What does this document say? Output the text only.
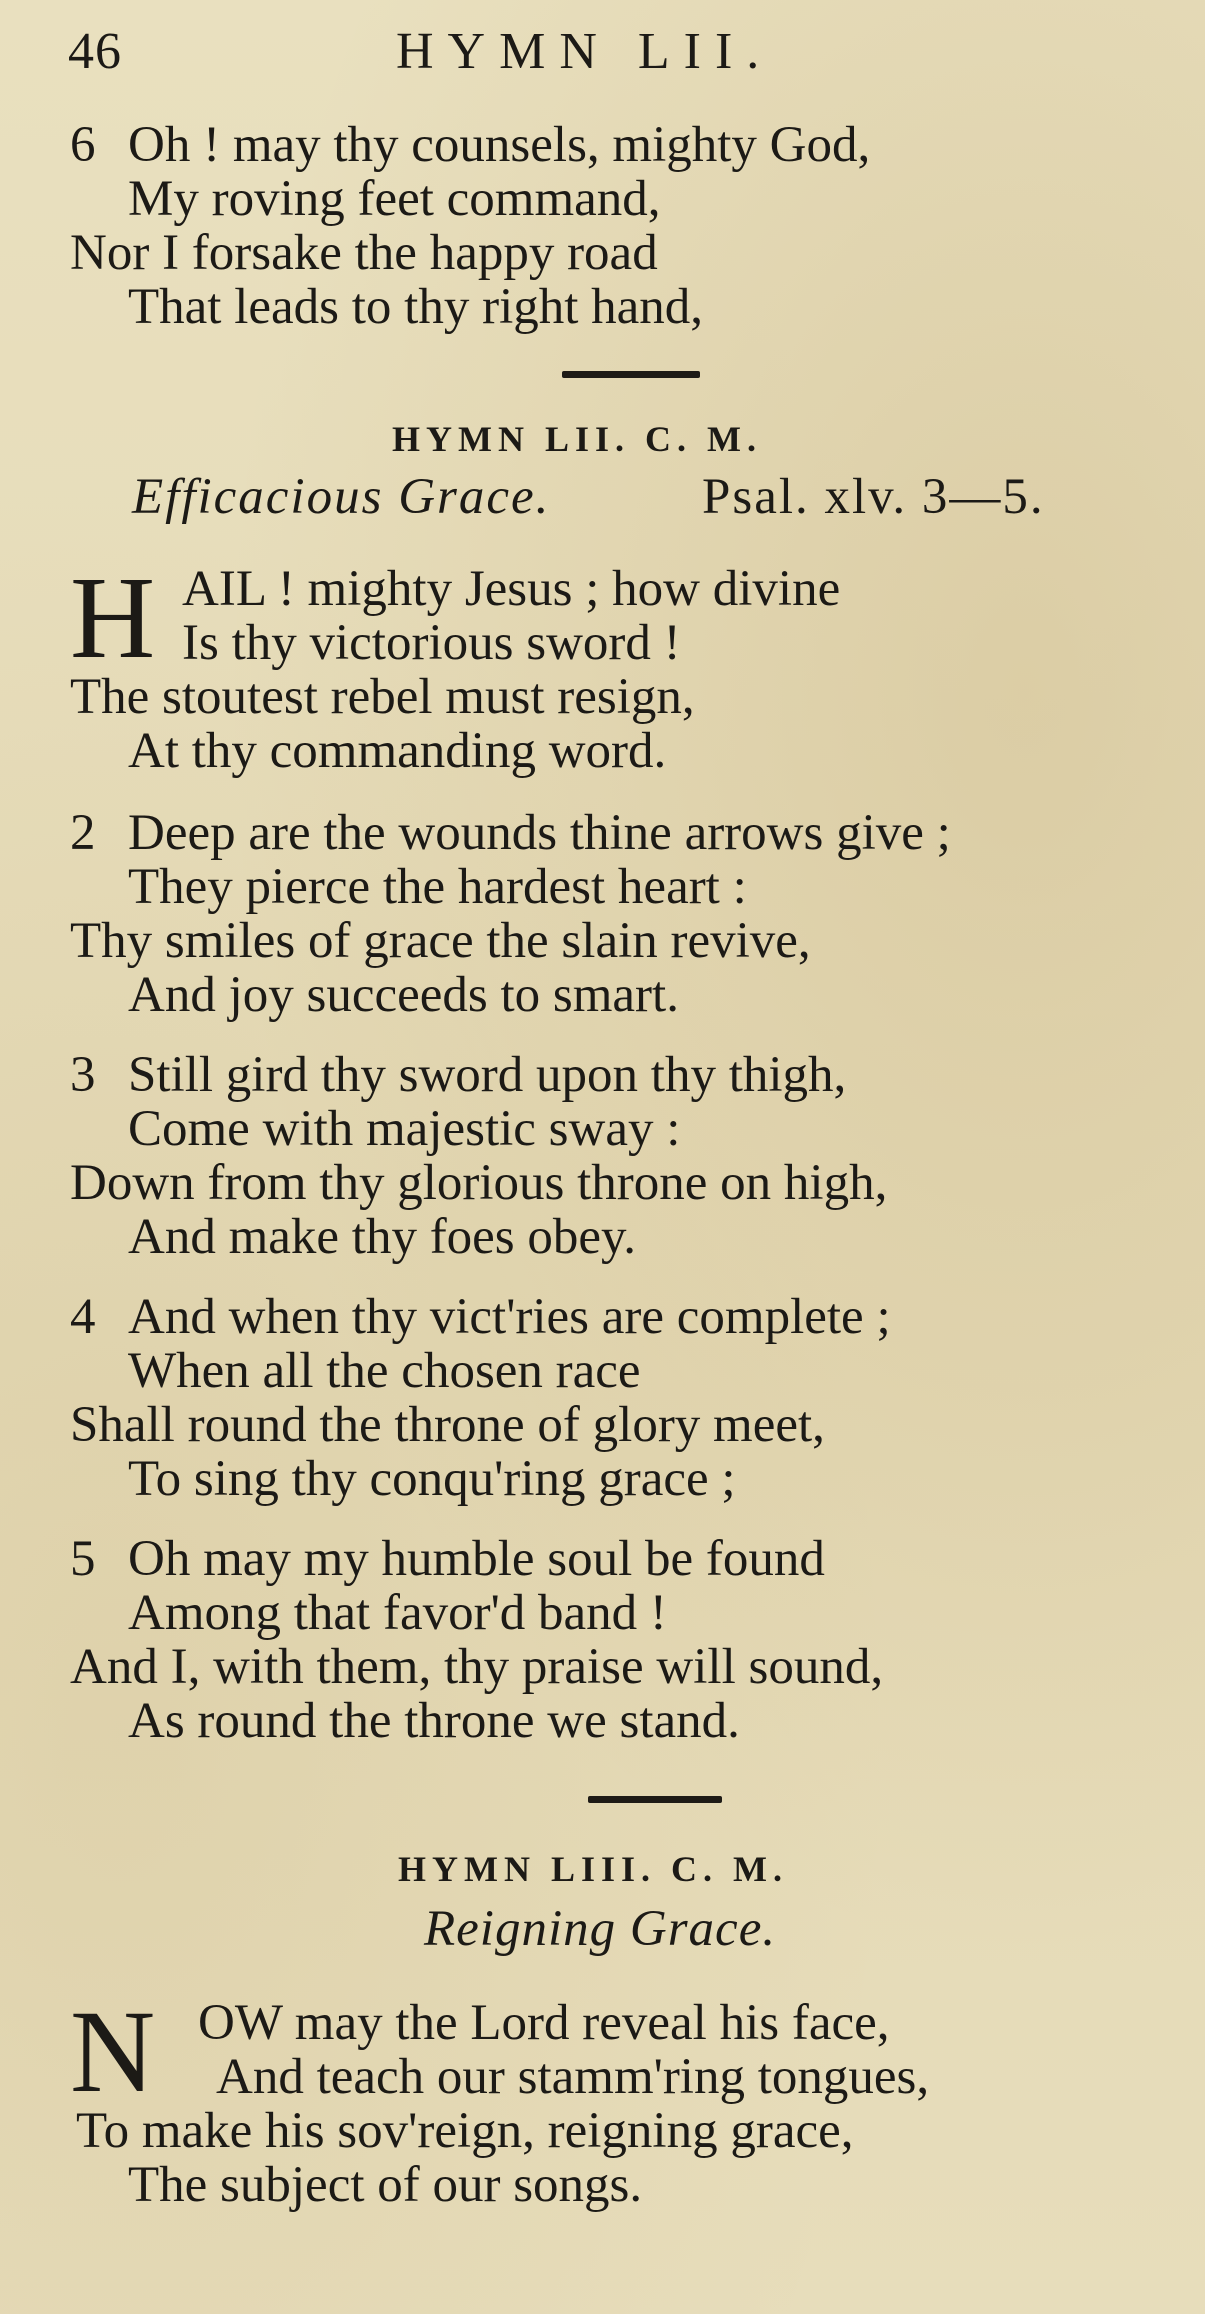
46	HYMN LII.
6 Oh ! may thy counsels, mighty God,
My roving feet command,
Nor I forsake the happy road
That leads to thy right hand,
HYMN LII. C. M.
Efficacious Grace.	Psal. xlv. 3—5.
H AIL ! mighty Jesus ; how divine
Is thy victorious sword !
The stoutest rebel must resign,
At thy commanding word.
2 Deep are the wounds thine arrows give ;
They pierce the hardest heart :
Thy smiles of grace the slain revive,
And joy succeeds to smart.
3 Still gird thy sword upon thy thigh,
Come with majestic sway :
Down from thy glorious throne on high,
And make thy foes obey.
4 And when thy vict'ries are complete ;
When all the chosen race
Shall round the throne of glory meet,
To sing thy conqu'ring grace ;
5 Oh may my humble soul be found
Among that favor'd band !
And I, with them, thy praise will sound,
As round the throne we stand.
HYMN LIII. C. M.
Reigning Grace.
N OW may the Lord reveal his face,
And teach our stamm'ring tongues,
To make his sov'reign, reigning grace,
The subject of our songs.
